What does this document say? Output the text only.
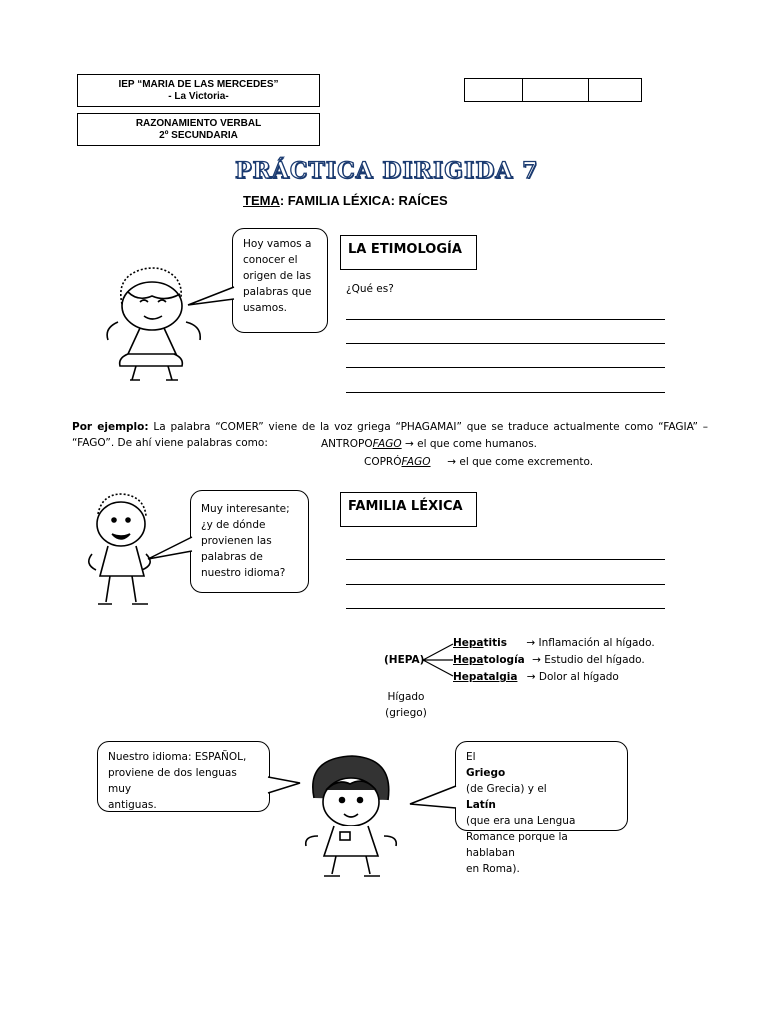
IEP “MARIA DE LAS MERCEDES”
- La Victoria-
RAZONAMIENTO VERBAL
2º SECUNDARIA
PRÁCTICA DIRIGIDA 7
TEMA: FAMILIA LÉXICA: RAÍCES
Hoy vamos a
conocer el
origen de las
palabras que
usamos.
LA ETIMOLOGÍA
¿Qué es?
Por ejemplo: La palabra “COMER” viene de la voz griega “PHAGAMAI” que se traduce actualmente como “FAGIA” – “FAGO”. De ahí viene palabras como:	ANTROPOFAGO → el que come humanos.
COPRÓFAGO → el que come excremento.
Muy interesante;
¿y de dónde
provienen las
palabras de
nuestro idioma?
FAMILIA LÉXICA
(HEPA)
Hepatitis → Inflamación al hígado.
Hepatología → Estudio del hígado.
Hepatalgia → Dolor al hígado
Hígado
(griego)
Nuestro idioma: ESPAÑOL,
proviene de dos lenguas muy
antiguas.
El
Griego
(de Grecia) y el
Latín
(que era una Lengua
Romance porque la hablaban
en Roma).
